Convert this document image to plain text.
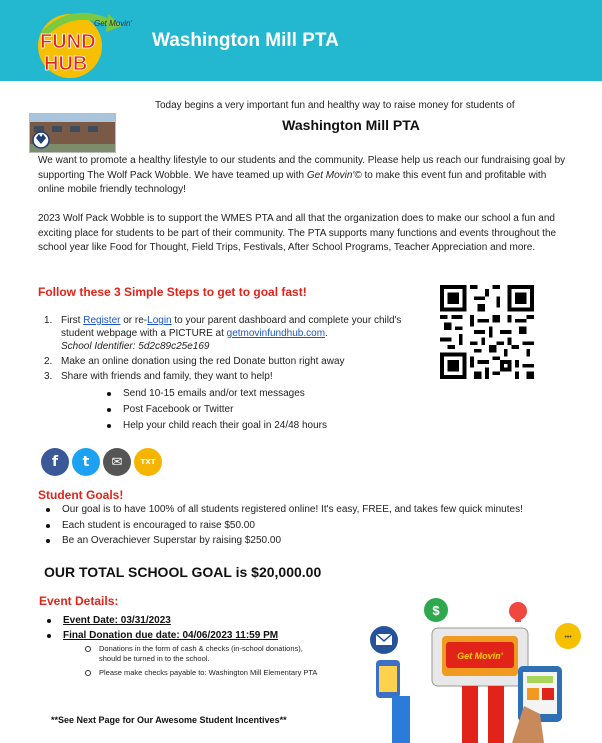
Get Movin'
FUND
HUB
Washington Mill PTA
Today begins a very important fun and healthy way to raise money for students of
Washington Mill PTA
We want to promote a healthy lifestyle to our students and the community. Please help us reach our fundraising goal by supporting The Wolf Pack Wobble. We have teamed up with Get Movin'© to make this event fun and profitable with online mobile friendly technology!
2023 Wolf Pack Wobble is to support the WMES PTA and all that the organization does to make our school a fun and exciting place for students to be part of their community. The PTA supports many functions and events throughout the school year like Food for Thought, Field Trips, Festivals, After School Programs, Teacher Appreciation and more.
Follow these 3 Simple Steps to get to goal fast!
1. First Register or re-Login to your parent dashboard and complete your child's student webpage with a PICTURE at getmovinfundhub.com.
School Identifier: 5d2c89c25e169
2. Make an online donation using the red Donate button right away
3. Share with friends and family, they want to help!
Send 10-15 emails and/or text messages
Post Facebook or Twitter
Help your child reach their goal in 24/48 hours
f	t	✉	TXT
Student Goals!
Our goal is to have 100% of all students registered online! It's easy, FREE, and takes few quick minutes!
Each student is encouraged to raise $50.00
Be an Overachiever Superstar by raising $250.00
OUR TOTAL SCHOOL GOAL is $20,000.00
Event Details:
Event Date: 03/31/2023
Final Donation due date: 04/06/2023 11:59 PM
Donations in the form of cash & checks (in-school donations), should be turned in to the school.
Please make checks payable to: Washington Mill Elementary PTA
**See Next Page for Our Awesome Student Incentives**
$
•••
Get Movin'
